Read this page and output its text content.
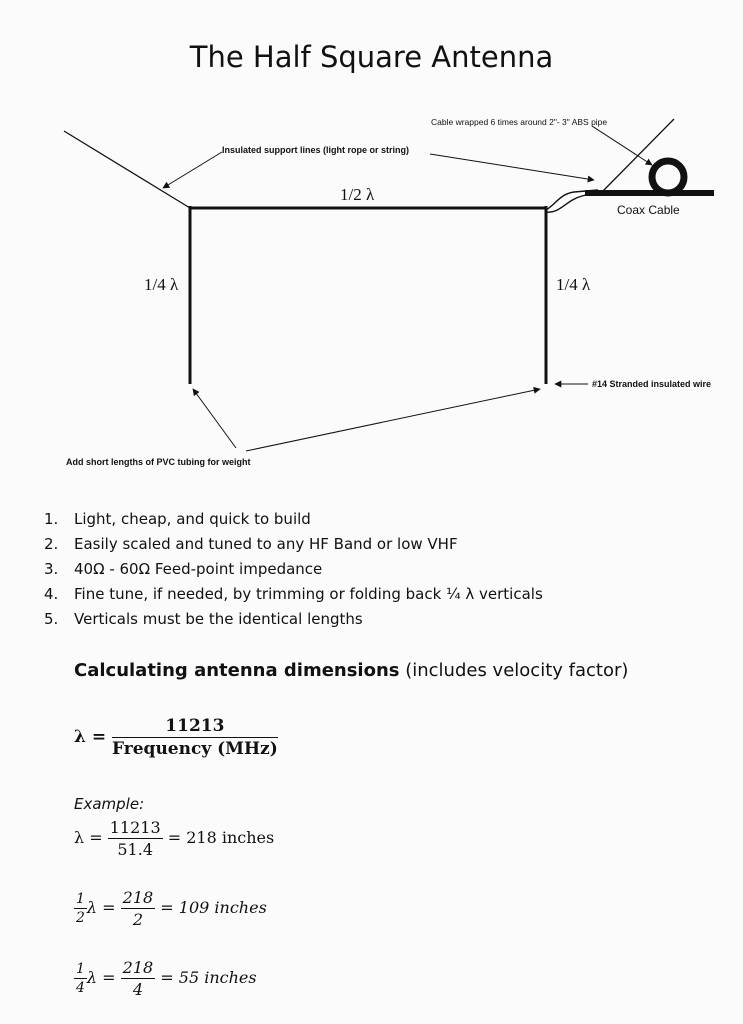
The Half Square Antenna
Insulated support lines (light rope or string)
Cable wrapped 6 times around 2"- 3" ABS pipe
Coax Cable
1/2 λ
1/4 λ	1/4 λ
#14 Stranded insulated wire
Add short lengths of PVC tubing for weight
1. Light, cheap, and quick to build
2. Easily scaled and tuned to any HF Band or low VHF
3. 40Ω - 60Ω Feed-point impedance
4. Fine tune, if needed, by trimming or folding back ¼ λ verticals
5. Verticals must be the identical lengths
Calculating antenna dimensions (includes velocity factor)
$\lambda = \frac{11213}{\text{Frequency (MHz)}}$
Example:
$\lambda = \frac{11213}{51.4} = 218$ inches
$\frac{1}{2}$ $\lambda = \frac{218}{2} = 109$ inches
$\frac{1}{4}$ $\lambda = \frac{218}{4} = 55$ inches
